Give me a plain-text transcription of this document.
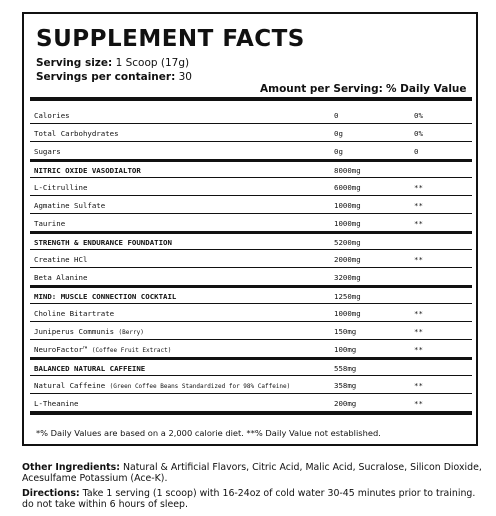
SUPPLEMENT FACTS
Serving size: 1 Scoop (17g)
Servings per container: 30
Amount per Serving: % Daily Value
Calories	0	0%
Total Carbohydrates	0g	0%
Sugars	0g	0
NITRIC OXIDE VASODIALTOR	8000mg
L-Citrulline	6000mg	**
Agmatine Sulfate	1000mg	**
Taurine	1000mg	**
STRENGTH & ENDURANCE FOUNDATION	5200mg
Creatine HCl	2000mg	**
Beta Alanine	3200mg
MIND: MUSCLE CONNECTION COCKTAIL	1250mg
Choline Bitartrate	1000mg	**
Juniperus Communis (Berry)	150mg	**
NeuroFactor™ (Coffee Fruit Extract)	100mg	**
BALANCED NATURAL CAFFEINE	558mg
Natural Caffeine (Green Coffee Beans Standardized for 98% Caffeine)	358mg	**
L-Theanine	200mg	**
*% Daily Values are based on a 2,000 calorie diet. **% Daily Value not established.
Other Ingredients: Natural & Artificial Flavors, Citric Acid, Malic Acid, Sucralose, Silicon Dioxide, Acesulfame Potassium (Ace-K).
Directions: Take 1 serving (1 scoop) with 16-24oz of cold water 30-45 minutes prior to training. do not take within 6 hours of sleep.
